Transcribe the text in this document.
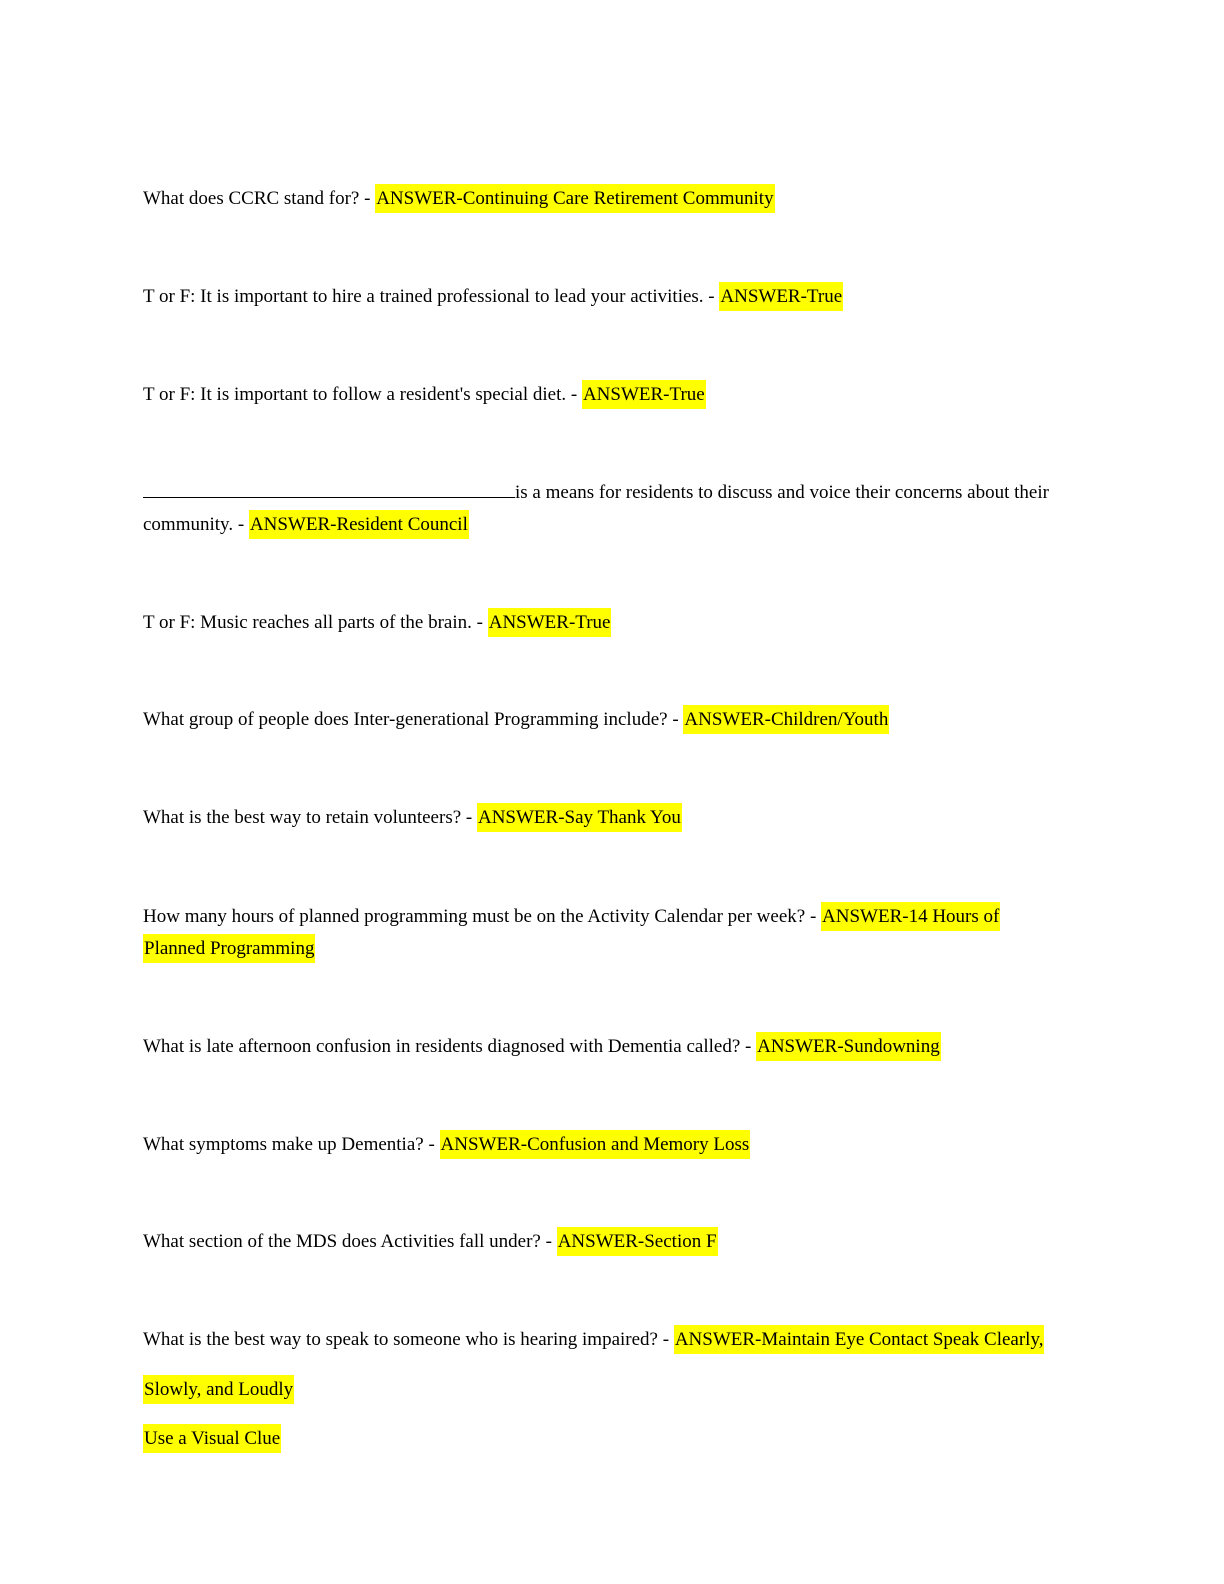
What does CCRC stand for? - ANSWER-Continuing Care Retirement Community

T or F: It is important to hire a trained professional to lead your activities. - ANSWER-True

T or F: It is important to follow a resident's special diet. - ANSWER-True

is a means for residents to discuss and voice their concerns about their community. - ANSWER-Resident Council

T or F: Music reaches all parts of the brain. - ANSWER-True

What group of people does Inter-generational Programming include? - ANSWER-Children/Youth

What is the best way to retain volunteers? - ANSWER-Say Thank You

How many hours of planned programming must be on the Activity Calendar per week? - ANSWER-14 Hours of Planned Programming

What is late afternoon confusion in residents diagnosed with Dementia called? - ANSWER-Sundowning

What symptoms make up Dementia? - ANSWER-Confusion and Memory Loss

What section of the MDS does Activities fall under? - ANSWER-Section F

What is the best way to speak to someone who is hearing impaired? - ANSWER-Maintain Eye Contact Speak Clearly, Slowly, and Loudly
Use a Visual Clue
